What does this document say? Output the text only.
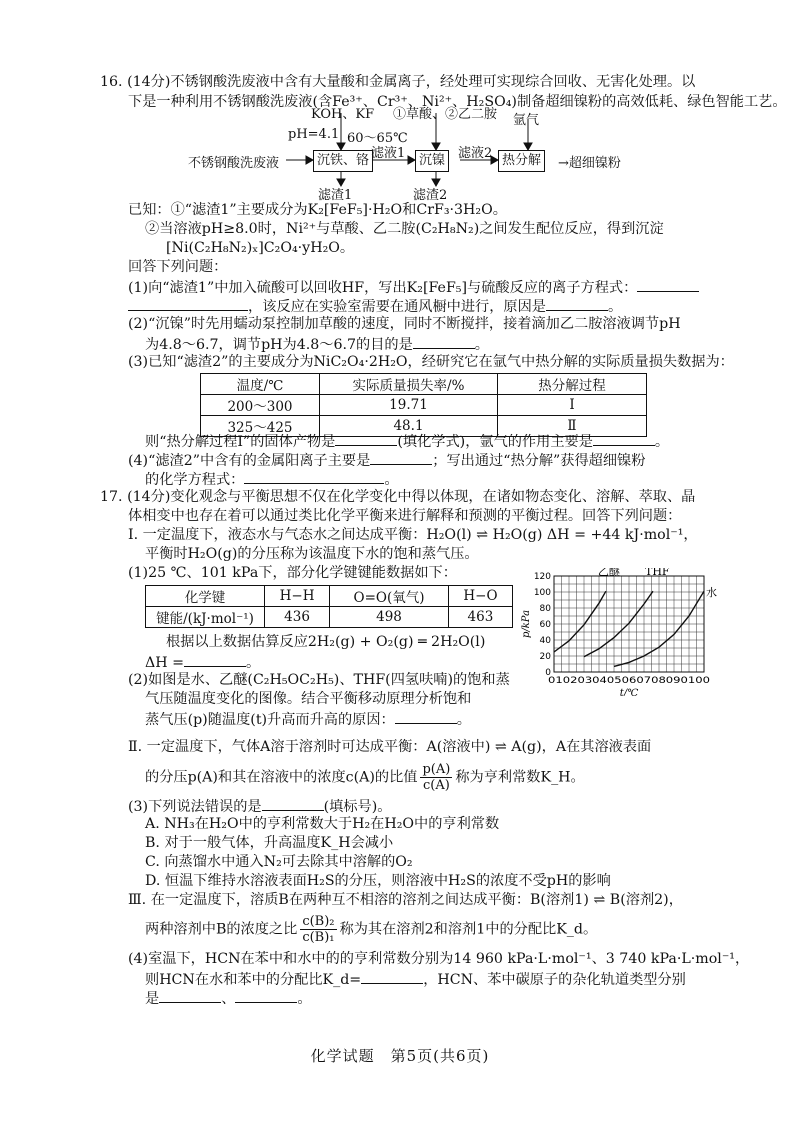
16. (14分)不锈钢酸洗废液中含有大量酸和金属离子，经处理可实现综合回收、无害化处理。以
下是一种利用不锈钢酸洗废液(含Fe³⁺、Cr³⁺、Ni²⁺、H₂SO₄)制备超细镍粉的高效低耗、绿色智能工艺。
KOH、KF ①草酸、②乙二胺 氩气
pH=4.1 60～65℃
不锈钢酸洗废液	沉铁、铬 滤液1	沉镍 滤液2 热分解	→超细镍粉
滤渣1	滤渣2
已知：①“滤渣1”主要成分为K₂[FeF₅]·H₂O和CrF₃·3H₂O。
②当溶液pH≥8.0时，Ni²⁺与草酸、乙二胺(C₂H₈N₂)之间发生配位反应，得到沉淀
[Ni(C₂H₈N₂)ₓ]C₂O₄·yH₂O。
回答下列问题：
(1)向“滤渣1”中加入硫酸可以回收HF，写出K₂[FeF₅]与硫酸反应的离子方程式：
，该反应在实验室需要在通风橱中进行，原因是	。
(2)“沉镍”时先用蠕动泵控制加草酸的速度，同时不断搅拌，接着滴加乙二胺溶液调节pH
为4.8～6.7，调节pH为4.8～6.7的目的是	。
(3)已知“滤渣2”的主要成分为NiC₂O₄·2H₂O，经研究它在氩气中热分解的实际质量损失数据为：
温度/℃	实际质量损失率/%	热分解过程
200～300	19.71	Ⅰ
325～425	48.1	Ⅱ
则“热分解过程Ⅰ”的固体产物是	(填化学式)，氩气的作用主要是	。
(4)“滤渣2”中含有的金属阳离子主要是	；写出通过“热分解”获得超细镍粉
的化学方程式：	。
17. (14分)变化观念与平衡思想不仅在化学变化中得以体现，在诸如物态变化、溶解、萃取、晶
体相变中也存在着可以通过类比化学平衡来进行解释和预测的平衡过程。回答下列问题：
Ⅰ. 一定温度下，液态水与气态水之间达成平衡：H₂O(l) ⇌ H₂O(g) ΔH = +44 kJ·mol⁻¹，
平衡时H₂O(g)的分压称为该温度下水的饱和蒸气压。
(1)25 ℃、101 kPa下，部分化学键键能数据如下：
化学键	H−H	O=O(氧气)	H−O
键能/(kJ·mol⁻¹)	436	498	463
根据以上数据估算反应2H₂(g) + O₂(g) ═ 2H₂O(l)
ΔH =	。
(2)如图是水、乙醚(C₂H₅OC₂H₅)、THF(四氢呋喃)的饱和蒸
气压随温度变化的图像。结合平衡移动原理分析饱和
蒸气压(p)随温度(t)升高而升高的原因：	。
0
20
40
60
80
100
120
0102030405060708090100
t/℃
p/kPa
乙醚 THF
水
Ⅱ. 一定温度下，气体A溶于溶剂时可达成平衡：A(溶液中) ⇌ A(g)，A在其溶液表面
的分压p(A)和其在溶液中的浓度c(A)的比值 $\frac{p(A)}{c(A)}$ 称为亨利常数K_H。
(3)下列说法错误的是	(填标号)。
A. NH₃在H₂O中的亨利常数大于H₂在H₂O中的亨利常数
B. 对于一般气体，升高温度K_H会减小
C. 向蒸馏水中通入N₂可去除其中溶解的O₂
D. 恒温下维持水溶液表面H₂S的分压，则溶液中H₂S的浓度不受pH的影响
Ⅲ. 在一定温度下，溶质B在两种互不相溶的溶剂之间达成平衡：B(溶剂1) ⇌ B(溶剂2)，
两种溶剂中B的浓度之比 $\frac{\text{c(B)₂}}{\text{c(B)₁}}$ 称为其在溶剂2和溶剂1中的分配比K_d。
(4)室温下，HCN在苯中和水中的的亨利常数分别为14 960 kPa·L·mol⁻¹、3 740 kPa·L·mol⁻¹，
则HCN在水和苯中的分配比K_d=	，HCN、苯中碳原子的杂化轨道类型分别
是	、	。
化学试题　第5页(共6页)
